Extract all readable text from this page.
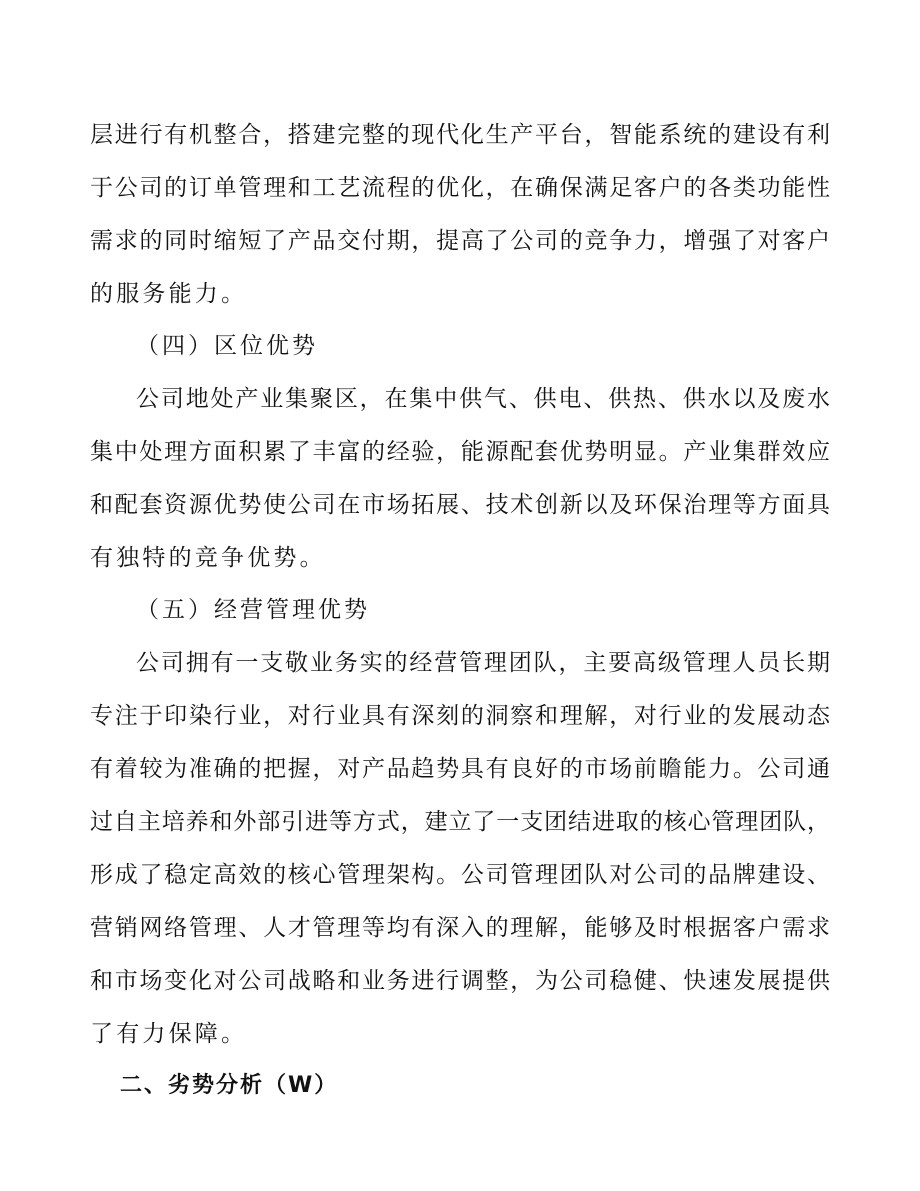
层进行有机整合，搭建完整的现代化生产平台，智能系统的建设有利
于公司的订单管理和工艺流程的优化，在确保满足客户的各类功能性
需求的同时缩短了产品交付期，提高了公司的竞争力，增强了对客户
的服务能力。
（四）区位优势
公司地处产业集聚区，在集中供气、供电、供热、供水以及废水
集中处理方面积累了丰富的经验，能源配套优势明显。产业集群效应
和配套资源优势使公司在市场拓展、技术创新以及环保治理等方面具
有独特的竞争优势。
（五）经营管理优势
公司拥有一支敬业务实的经营管理团队，主要高级管理人员长期
专注于印染行业，对行业具有深刻的洞察和理解，对行业的发展动态
有着较为准确的把握，对产品趋势具有良好的市场前瞻能力。公司通
过自主培养和外部引进等方式，建立了一支团结进取的核心管理团队，
形成了稳定高效的核心管理架构。公司管理团队对公司的品牌建设、
营销网络管理、人才管理等均有深入的理解，能够及时根据客户需求
和市场变化对公司战略和业务进行调整，为公司稳健、快速发展提供
了有力保障。
二、劣势分析（W）
